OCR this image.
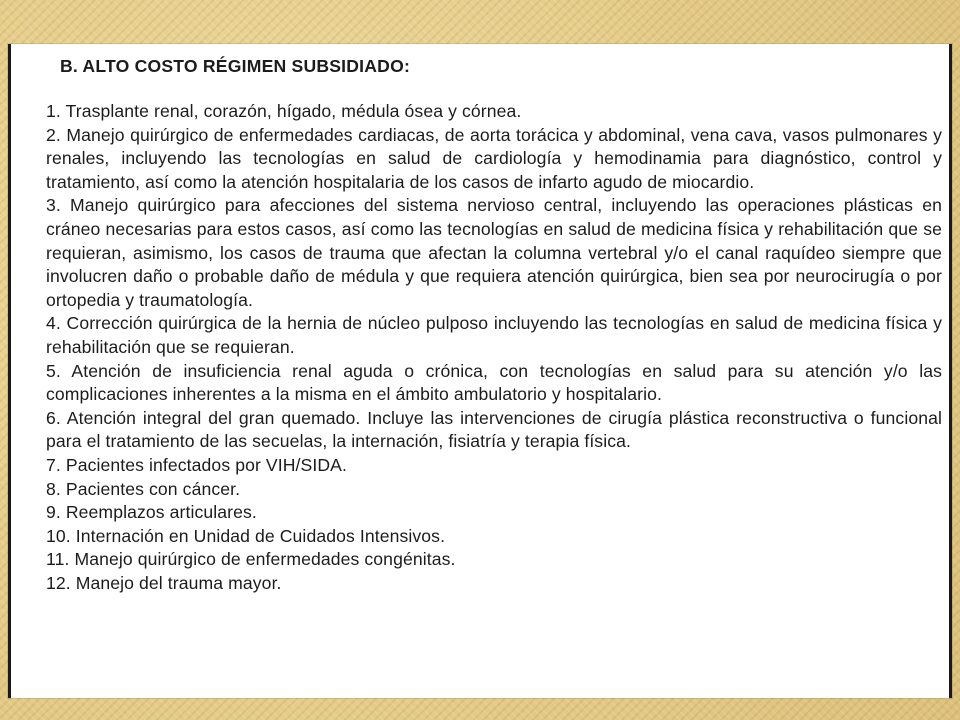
B. ALTO COSTO RÉGIMEN SUBSIDIADO:
1. Trasplante renal, corazón, hígado, médula ósea y córnea.
2. Manejo quirúrgico de enfermedades cardiacas, de aorta torácica y abdominal, vena cava, vasos pulmonares y renales, incluyendo las tecnologías en salud de cardiología y hemodinamia para diagnóstico, control y tratamiento, así como la atención hospitalaria de los casos de infarto agudo de miocardio.
3. Manejo quirúrgico para afecciones del sistema nervioso central, incluyendo las operaciones plásticas en cráneo necesarias para estos casos, así como las tecnologías en salud de medicina física y rehabilitación que se requieran, asimismo, los casos de trauma que afectan la columna vertebral y/o el canal raquídeo siempre que involucren daño o probable daño de médula y que requiera atención quirúrgica, bien sea por neurocirugía o por ortopedia y traumatología.
4. Corrección quirúrgica de la hernia de núcleo pulposo incluyendo las tecnologías en salud de medicina física y rehabilitación que se requieran.
5. Atención de insuficiencia renal aguda o crónica, con tecnologías en salud para su atención y/o las complicaciones inherentes a la misma en el ámbito ambulatorio y hospitalario.
6. Atención integral del gran quemado. Incluye las intervenciones de cirugía plástica reconstructiva o funcional para el tratamiento de las secuelas, la internación, fisiatría y terapia física.
7. Pacientes infectados por VIH/SIDA.
8. Pacientes con cáncer.
9. Reemplazos articulares.
10. Internación en Unidad de Cuidados Intensivos.
11. Manejo quirúrgico de enfermedades congénitas.
12. Manejo del trauma mayor.
